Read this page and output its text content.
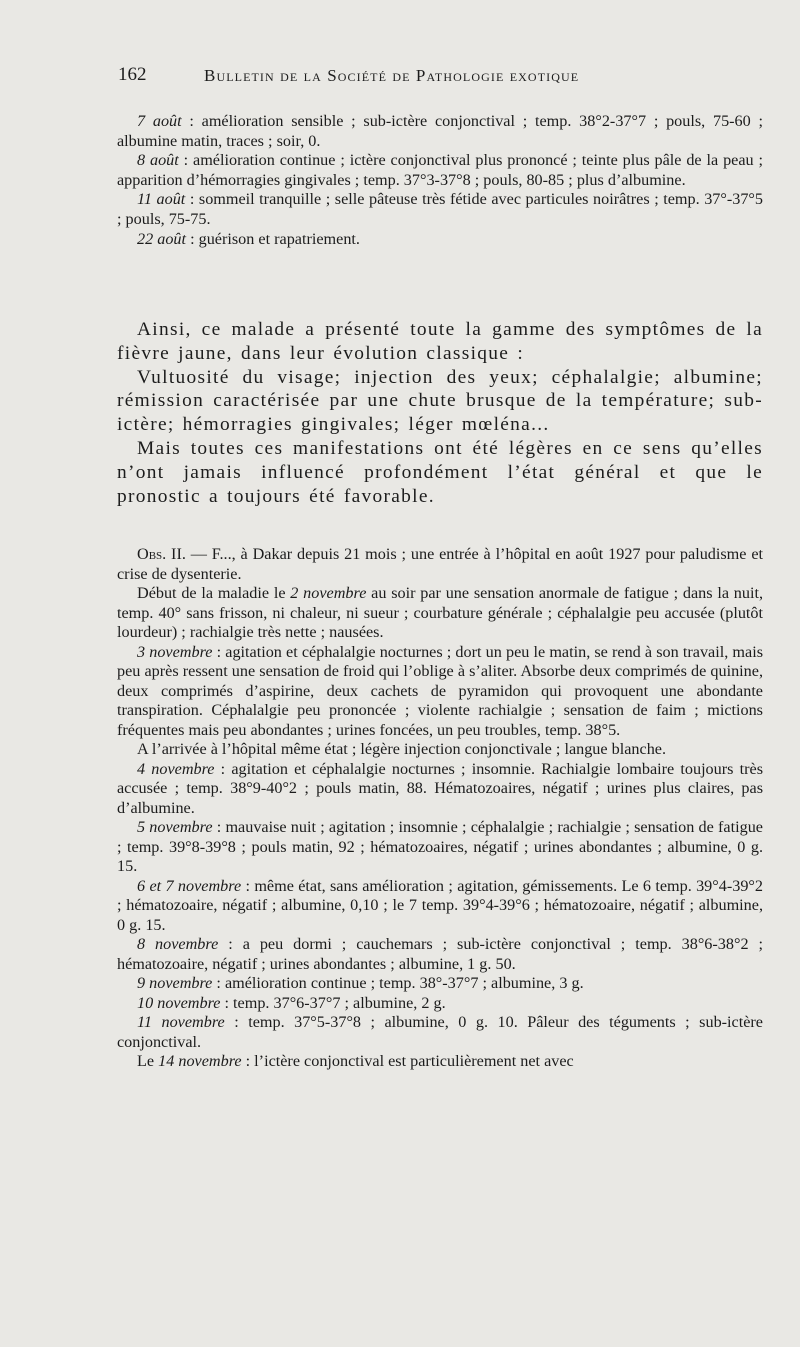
162	Bulletin de la Société de Pathologie exotique

7 août : amélioration sensible ; sub-ictère conjonctival ; temp. 38°2-37°7 ; pouls, 75-60 ; albumine matin, traces ; soir, 0.

8 août : amélioration continue ; ictère conjonctival plus prononcé ; teinte plus pâle de la peau ; apparition d’hémorragies gingivales ; temp. 37°3-37°8 ; pouls, 80-85 ; plus d’albumine.

11 août : sommeil tranquille ; selle pâteuse très fétide avec particules noirâtres ; temp. 37°-37°5 ; pouls, 75-75.

22 août : guérison et rapatriement.

Ainsi, ce malade a présenté toute la gamme des symptômes de la fièvre jaune, dans leur évolution classique :

Vultuosité du visage; injection des yeux; céphalalgie; albumine; rémission caractérisée par une chute brusque de la température; sub-ictère; hémorragies gingivales; léger mœléna...

Mais toutes ces manifestations ont été légères en ce sens qu’elles n’ont jamais influencé profondément l’état général et que le pronostic a toujours été favorable.

Obs. II. — F..., à Dakar depuis 21 mois ; une entrée à l’hôpital en août 1927 pour paludisme et crise de dysenterie.

Début de la maladie le 2 novembre au soir par une sensation anormale de fatigue ; dans la nuit, temp. 40° sans frisson, ni chaleur, ni sueur ; courbature générale ; céphalalgie peu accusée (plutôt lourdeur) ; rachialgie très nette ; nausées.

3 novembre : agitation et céphalalgie nocturnes ; dort un peu le matin, se rend à son travail, mais peu après ressent une sensation de froid qui l’oblige à s’aliter. Absorbe deux comprimés de quinine, deux comprimés d’aspirine, deux cachets de pyramidon qui provoquent une abondante transpiration. Céphalalgie peu prononcée ; violente rachialgie ; sensation de faim ; mictions fréquentes mais peu abondantes ; urines foncées, un peu troubles, temp. 38°5.

A l’arrivée à l’hôpital même état ; légère injection conjonctivale ; langue blanche.

4 novembre : agitation et céphalalgie nocturnes ; insomnie. Rachialgie lombaire toujours très accusée ; temp. 38°9-40°2 ; pouls matin, 88. Hématozoaires, négatif ; urines plus claires, pas d’albumine.

5 novembre : mauvaise nuit ; agitation ; insomnie ; céphalalgie ; rachialgie ; sensation de fatigue ; temp. 39°8-39°8 ; pouls matin, 92 ; hématozoaires, négatif ; urines abondantes ; albumine, 0 g. 15.

6 et 7 novembre : même état, sans amélioration ; agitation, gémissements. Le 6 temp. 39°4-39°2 ; hématozoaire, négatif ; albumine, 0,10 ; le 7 temp. 39°4-39°6 ; hématozoaire, négatif ; albumine, 0 g. 15.

8 novembre : a peu dormi ; cauchemars ; sub-ictère conjonctival ; temp. 38°6-38°2 ; hématozoaire, négatif ; urines abondantes ; albumine, 1 g. 50.

9 novembre : amélioration continue ; temp. 38°-37°7 ; albumine, 3 g.

10 novembre : temp. 37°6-37°7 ; albumine, 2 g.

11 novembre : temp. 37°5-37°8 ; albumine, 0 g. 10. Pâleur des téguments ; sub-ictère conjonctival.

Le 14 novembre : l’ictère conjonctival est particulièrement net avec
